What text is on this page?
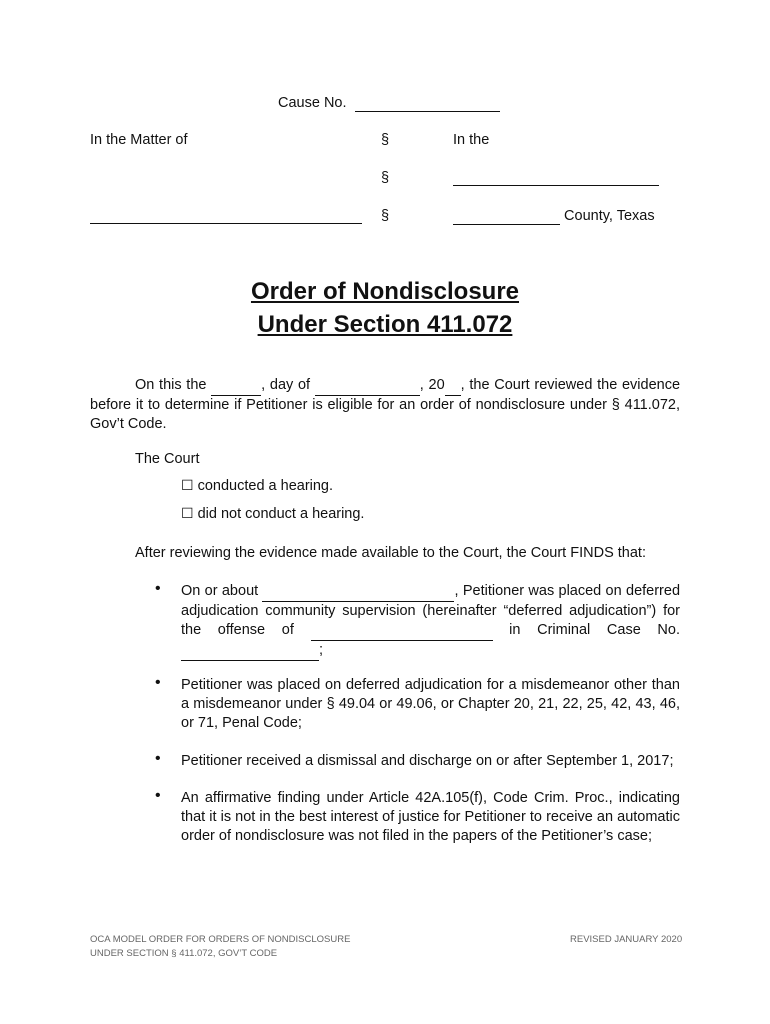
Cause No.
In the Matter of	§	In the
§
§	County, Texas
Order of Nondisclosure
Under Section 411.072
On this the	, day of	, 20 , the Court reviewed the evidence before it to determine if Petitioner is eligible for an order of nondisclosure under § 411.072, Gov’t Code.
The Court
☐ conducted a hearing.
☐ did not conduct a hearing.
After reviewing the evidence made available to the Court, the Court FINDS that:
• On or about	, Petitioner was placed on deferred adjudication community supervision (hereinafter “deferred adjudication”) for the offense of	in Criminal Case No.  ;
• Petitioner was placed on deferred adjudication for a misdemeanor other than a misdemeanor under § 49.04 or 49.06, or Chapter 20, 21, 22, 25, 42, 43, 46, or 71, Penal Code;
• Petitioner received a dismissal and discharge on or after September 1, 2017;
• An affirmative finding under Article 42A.105(f), Code Crim. Proc., indicating that it is not in the best interest of justice for Petitioner to receive an automatic order of nondisclosure was not filed in the papers of the Petitioner’s case;
OCA MODEL ORDER FOR ORDERS OF NONDISCLOSURE
UNDER SECTION § 411.072, GOV’T CODE
REVISED JANUARY 2020
